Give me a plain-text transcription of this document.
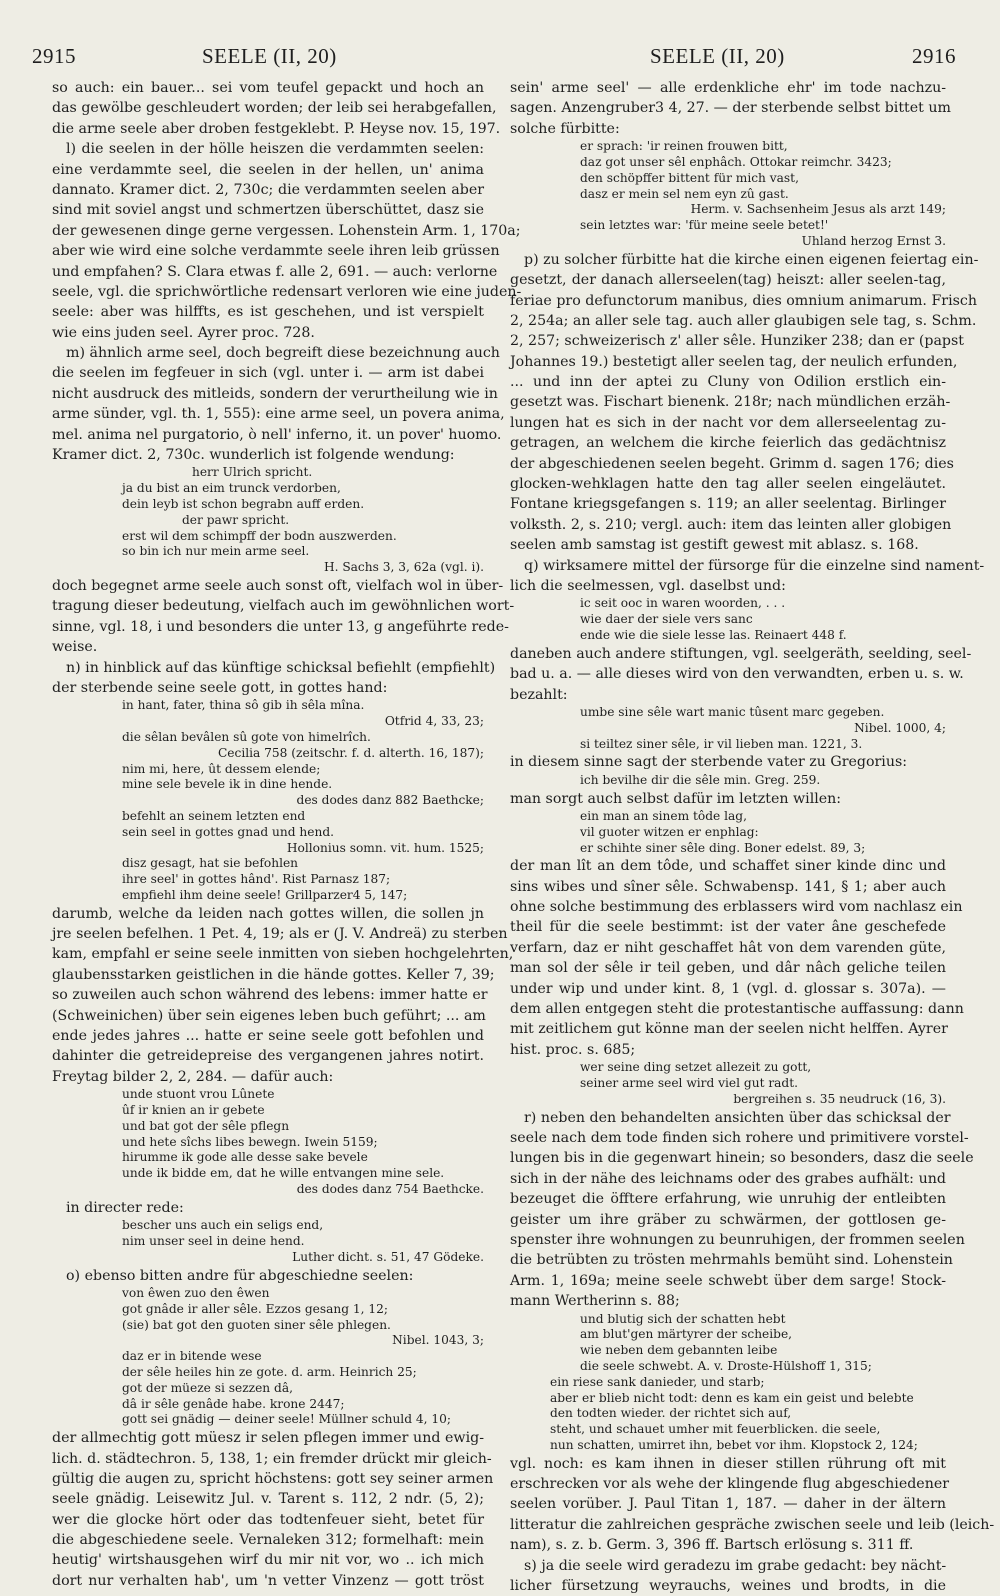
2915	SEELE (II, 20)	SEELE (II, 20)	2916
so auch: ein bauer... sei vom teufel gepackt und hoch an
das gewölbe geschleudert worden; der leib sei herabgefallen,
die arme seele aber droben festgeklebt. P. Heyse nov. 15, 197.
l) die seelen in der hölle heiszen die verdammten seelen:
eine verdammte seel, die seelen in der hellen, un' anima
dannato. Kramer dict. 2, 730c; die verdammten seelen aber
sind mit soviel angst und schmertzen überschüttet, dasz sie
der gewesenen dinge gerne vergessen. Lohenstein Arm. 1, 170a;
aber wie wird eine solche verdammte seele ihren leib grüssen
und empfahen? S. Clara etwas f. alle 2, 691. — auch: verlorne
seele, vgl. die sprichwörtliche redensart verloren wie eine juden-
seele: aber was hilffts, es ist geschehen, und ist verspielt
wie eins juden seel. Ayrer proc. 728.
m) ähnlich arme seel, doch begreift diese bezeichnung auch
die seelen im fegfeuer in sich (vgl. unter i. — arm ist dabei
nicht ausdruck des mitleids, sondern der verurtheilung wie in
arme sünder, vgl. th. 1, 555): eine arme seel, un povera anima,
mel. anima nel purgatorio, ò nell' inferno, it. un pover' huomo.
Kramer dict. 2, 730c. wunderlich ist folgende wendung:
herr Ulrich spricht.
ja du bist an eim trunck verdorben,
dein leyb ist schon begrabn auff erden.
der pawr spricht.
erst wil dem schimpff der bodn auszwerden.
so bin ich nur mein arme seel.
H. Sachs 3, 3, 62a (vgl. i).
doch begegnet arme seele auch sonst oft, vielfach wol in über-
tragung dieser bedeutung, vielfach auch im gewöhnlichen wort-
sinne, vgl. 18, i und besonders die unter 13, g angeführte rede-
weise.
n) in hinblick auf das künftige schicksal befiehlt (empfiehlt)
der sterbende seine seele gott, in gottes hand:
in hant, fater, thina sô gib ih sêla mîna.
Otfrid 4, 33, 23;
die sêlan bevâlen sû gote von himelrîch.
Cecilia 758 (zeitschr. f. d. alterth. 16, 187);
nim mi, here, ût dessem elende;
mine sele bevele ik in dine hende.
des dodes danz 882 Baethcke;
befehlt an seinem letzten end
sein seel in gottes gnad und hend.
Hollonius somn. vit. hum. 1525;
disz gesagt, hat sie befohlen
ihre seel' in gottes hând'. Rist Parnasz 187;
empfiehl ihm deine seele! Grillparzer4 5, 147;
darumb, welche da leiden nach gottes willen, die sollen jn
jre seelen befelhen. 1 Pet. 4, 19; als er (J. V. Andreä) zu sterben
kam, empfahl er seine seele inmitten von sieben hochgelehrten,
glaubensstarken geistlichen in die hände gottes. Keller 7, 39;
so zuweilen auch schon während des lebens: immer hatte er
(Schweinichen) über sein eigenes leben buch geführt; ... am
ende jedes jahres ... hatte er seine seele gott befohlen und
dahinter die getreidepreise des vergangenen jahres notirt.
Freytag bilder 2, 2, 284. — dafür auch:
unde stuont vrou Lûnete
ûf ir knien an ir gebete
und bat got der sêle pflegn
und hete sîchs libes bewegn. Iwein 5159;
hirumme ik gode alle desse sake bevele
unde ik bidde em, dat he wille entvangen mine sele.
des dodes danz 754 Baethcke.
in directer rede:
bescher uns auch ein seligs end,
nim unser seel in deine hend.
Luther dicht. s. 51, 47 Gödeke.
o) ebenso bitten andre für abgeschiedne seelen:
von êwen zuo den êwen
got gnâde ir aller sêle. Ezzos gesang 1, 12;
(sie) bat got den guoten siner sêle phlegen.
Nibel. 1043, 3;
daz er in bitende wese
der sêle heiles hin ze gote. d. arm. Heinrich 25;
got der müeze si sezzen dâ,
dâ ir sêle genâde habe. krone 2447;
gott sei gnädig — deiner seele! Müllner schuld 4, 10;
der allmechtig gott müesz ir selen pflegen immer und ewig-
lich. d. städtechron. 5, 138, 1; ein fremder drückt mir gleich-
gültig die augen zu, spricht höchstens: gott sey seiner armen
seele gnädig. Leisewitz Jul. v. Tarent s. 112, 2 ndr. (5, 2);
wer die glocke hört oder das todtenfeuer sieht, betet für
die abgeschiedene seele. Vernaleken 312; formelhaft: mein
heutig' wirtshausgehen wirf du mir nit vor, wo .. ich mich
dort nur verhalten hab', um 'n vetter Vinzenz — gott tröst
sein' arme seel' — alle erdenkliche ehr' im tode nachzu-
sagen. Anzengruber3 4, 27. — der sterbende selbst bittet um
solche fürbitte:
er sprach: 'ir reinen frouwen bitt,
daz got unser sêl enphâch. Ottokar reimchr. 3423;
den schöpffer bittent für mich vast,
dasz er mein sel nem eyn zû gast.
Herm. v. Sachsenheim Jesus als arzt 149;
sein letztes war: 'für meine seele betet!'
Uhland herzog Ernst 3.
p) zu solcher fürbitte hat die kirche einen eigenen feiertag ein-
gesetzt, der danach allerseelen(tag) heiszt: aller seelen-tag,
feriae pro defunctorum manibus, dies omnium animarum. Frisch
2, 254a; an aller sele tag. auch aller glaubigen sele tag, s. Schm.
2, 257; schweizerisch z' aller sêle. Hunziker 238; dan er (papst
Johannes 19.) bestetigt aller seelen tag, der neulich erfunden,
... und inn der aptei zu Cluny von Odilion erstlich ein-
gesetzt was. Fischart bienenk. 218r; nach mündlichen erzäh-
lungen hat es sich in der nacht vor dem allerseelentag zu-
getragen, an welchem die kirche feierlich das gedächtnisz
der abgeschiedenen seelen begeht. Grimm d. sagen 176; dies
glocken-wehklagen hatte den tag aller seelen eingeläutet.
Fontane kriegsgefangen s. 119; an aller seelentag. Birlinger
volksth. 2, s. 210; vergl. auch: item das leinten aller globigen
seelen amb samstag ist gestift gewest mit ablasz. s. 168.
q) wirksamere mittel der fürsorge für die einzelne sind nament-
lich die seelmessen, vgl. daselbst und:
ic seit ooc in waren woorden, . . .
wie daer der siele vers sanc
ende wie die siele lesse las. Reinaert 448 f.
daneben auch andere stiftungen, vgl. seelgeräth, seelding, seel-
bad u. a. — alle dieses wird von den verwandten, erben u. s. w.
bezahlt:
umbe sine sêle wart manic tûsent marc gegeben.
Nibel. 1000, 4;
si teiltez siner sêle, ir vil lieben man. 1221, 3.
in diesem sinne sagt der sterbende vater zu Gregorius:
ich bevilhe dir die sêle min. Greg. 259.
man sorgt auch selbst dafür im letzten willen:
ein man an sinem tôde lag,
vil guoter witzen er enphlag:
er schihte siner sêle ding. Boner edelst. 89, 3;
der man lît an dem tôde, und schaffet siner kinde dinc und
sins wibes und sîner sêle. Schwabensp. 141, § 1; aber auch
ohne solche bestimmung des erblassers wird vom nachlasz ein
theil für die seele bestimmt: ist der vater âne geschefede
verfarn, daz er niht geschaffet hât von dem varenden güte,
man sol der sêle ir teil geben, und dâr nâch geliche teilen
under wip und under kint. 8, 1 (vgl. d. glossar s. 307a). —
dem allen entgegen steht die protestantische auffassung: dann
mit zeitlichem gut könne man der seelen nicht helffen. Ayrer
hist. proc. s. 685;
wer seine ding setzet allezeit zu gott,
seiner arme seel wird viel gut radt.
bergreihen s. 35 neudruck (16, 3).
r) neben den behandelten ansichten über das schicksal der
seele nach dem tode finden sich rohere und primitivere vorstel-
lungen bis in die gegenwart hinein; so besonders, dasz die seele
sich in der nähe des leichnams oder des grabes aufhält: und
bezeuget die öfftere erfahrung, wie unruhig der entleibten
geister um ihre gräber zu schwärmen, der gottlosen ge-
spenster ihre wohnungen zu beunruhigen, der frommen seelen
die betrübten zu trösten mehrmahls bemüht sind. Lohenstein
Arm. 1, 169a; meine seele schwebt über dem sarge! Stock-
mann Wertherinn s. 88;
und blutig sich der schatten hebt
am blut'gen märtyrer der scheibe,
wie neben dem gebannten leibe
die seele schwebt. A. v. Droste-Hülshoff 1, 315;
ein riese sank danieder, und starb;
aber er blieb nicht todt: denn es kam ein geist und belebte
den todten wieder. der richtet sich auf,
steht, und schauet umher mit feuerblicken. die seele,
nun schatten, umirret ihn, bebet vor ihm. Klopstock 2, 124;
vgl. noch: es kam ihnen in dieser stillen rührung oft mit
erschrecken vor als wehe der klingende flug abgeschiedener
seelen vorüber. J. Paul Titan 1, 187. — daher in der ältern
litteratur die zahlreichen gespräche zwischen seele und leib (leich-
nam), s. z. b. Germ. 3, 396 ff. Bartsch erlösung s. 311 ff.
s) ja die seele wird geradezu im grabe gedacht: bey nächt-
licher fürsetzung weyrauchs, weines und brodts, in die
